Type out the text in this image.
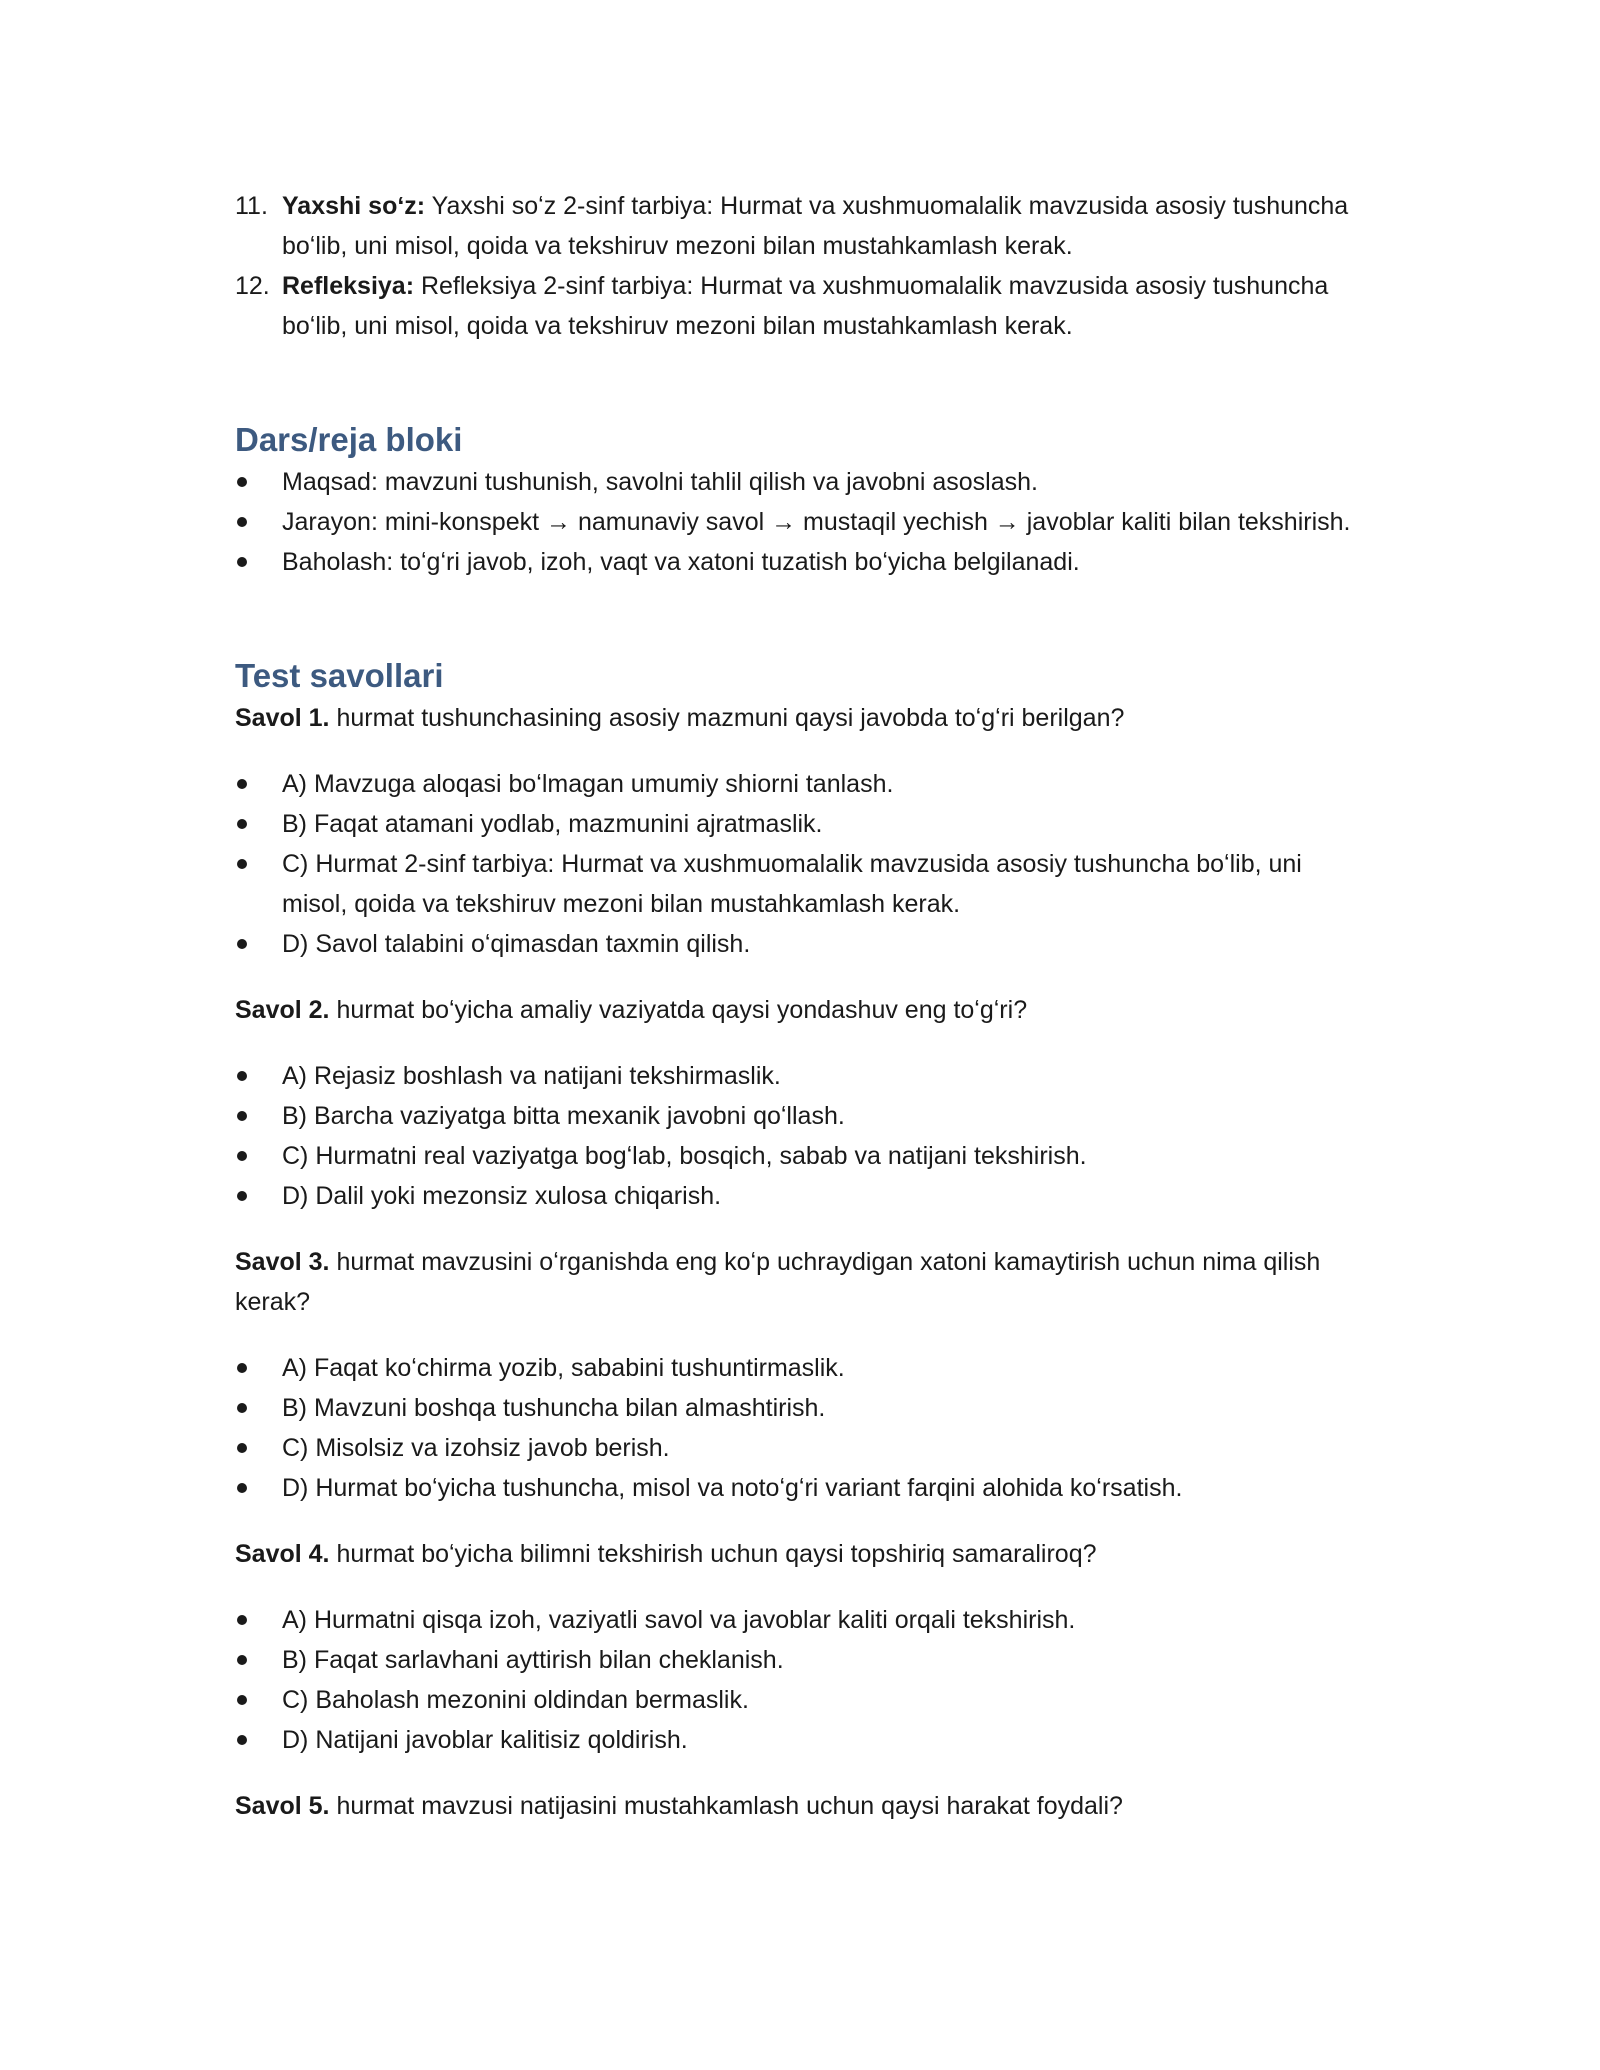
11. Yaxshi soʻz: Yaxshi soʻz 2-sinf tarbiya: Hurmat va xushmuomalalik mavzusida asosiy tushuncha boʻlib, uni misol, qoida va tekshiruv mezoni bilan mustahkamlash kerak.
12. Refleksiya: Refleksiya 2-sinf tarbiya: Hurmat va xushmuomalalik mavzusida asosiy tushuncha boʻlib, uni misol, qoida va tekshiruv mezoni bilan mustahkamlash kerak.
Dars/reja bloki
Maqsad: mavzuni tushunish, savolni tahlil qilish va javobni asoslash.
Jarayon: mini-konspekt → namunaviy savol → mustaqil yechish → javoblar kaliti bilan tekshirish.
Baholash: toʻgʻri javob, izoh, vaqt va xatoni tuzatish boʻyicha belgilanadi.
Test savollari
Savol 1. hurmat tushunchasining asosiy mazmuni qaysi javobda toʻgʻri berilgan?
A) Mavzuga aloqasi boʻlmagan umumiy shiorni tanlash.
B) Faqat atamani yodlab, mazmunini ajratmaslik.
C) Hurmat 2-sinf tarbiya: Hurmat va xushmuomalalik mavzusida asosiy tushuncha boʻlib, uni misol, qoida va tekshiruv mezoni bilan mustahkamlash kerak.
D) Savol talabini oʻqimasdan taxmin qilish.
Savol 2. hurmat boʻyicha amaliy vaziyatda qaysi yondashuv eng toʻgʻri?
A) Rejasiz boshlash va natijani tekshirmaslik.
B) Barcha vaziyatga bitta mexanik javobni qoʻllash.
C) Hurmatni real vaziyatga bogʻlab, bosqich, sabab va natijani tekshirish.
D) Dalil yoki mezonsiz xulosa chiqarish.
Savol 3. hurmat mavzusini oʻrganishda eng koʻp uchraydigan xatoni kamaytirish uchun nima qilish kerak?
A) Faqat koʻchirma yozib, sababini tushuntirmaslik.
B) Mavzuni boshqa tushuncha bilan almashtirish.
C) Misolsiz va izohsiz javob berish.
D) Hurmat boʻyicha tushuncha, misol va notoʻgʻri variant farqini alohida koʻrsatish.
Savol 4. hurmat boʻyicha bilimni tekshirish uchun qaysi topshiriq samaraliroq?
A) Hurmatni qisqa izoh, vaziyatli savol va javoblar kaliti orqali tekshirish.
B) Faqat sarlavhani ayttirish bilan cheklanish.
C) Baholash mezonini oldindan bermaslik.
D) Natijani javoblar kalitisiz qoldirish.
Savol 5. hurmat mavzusi natijasini mustahkamlash uchun qaysi harakat foydali?
